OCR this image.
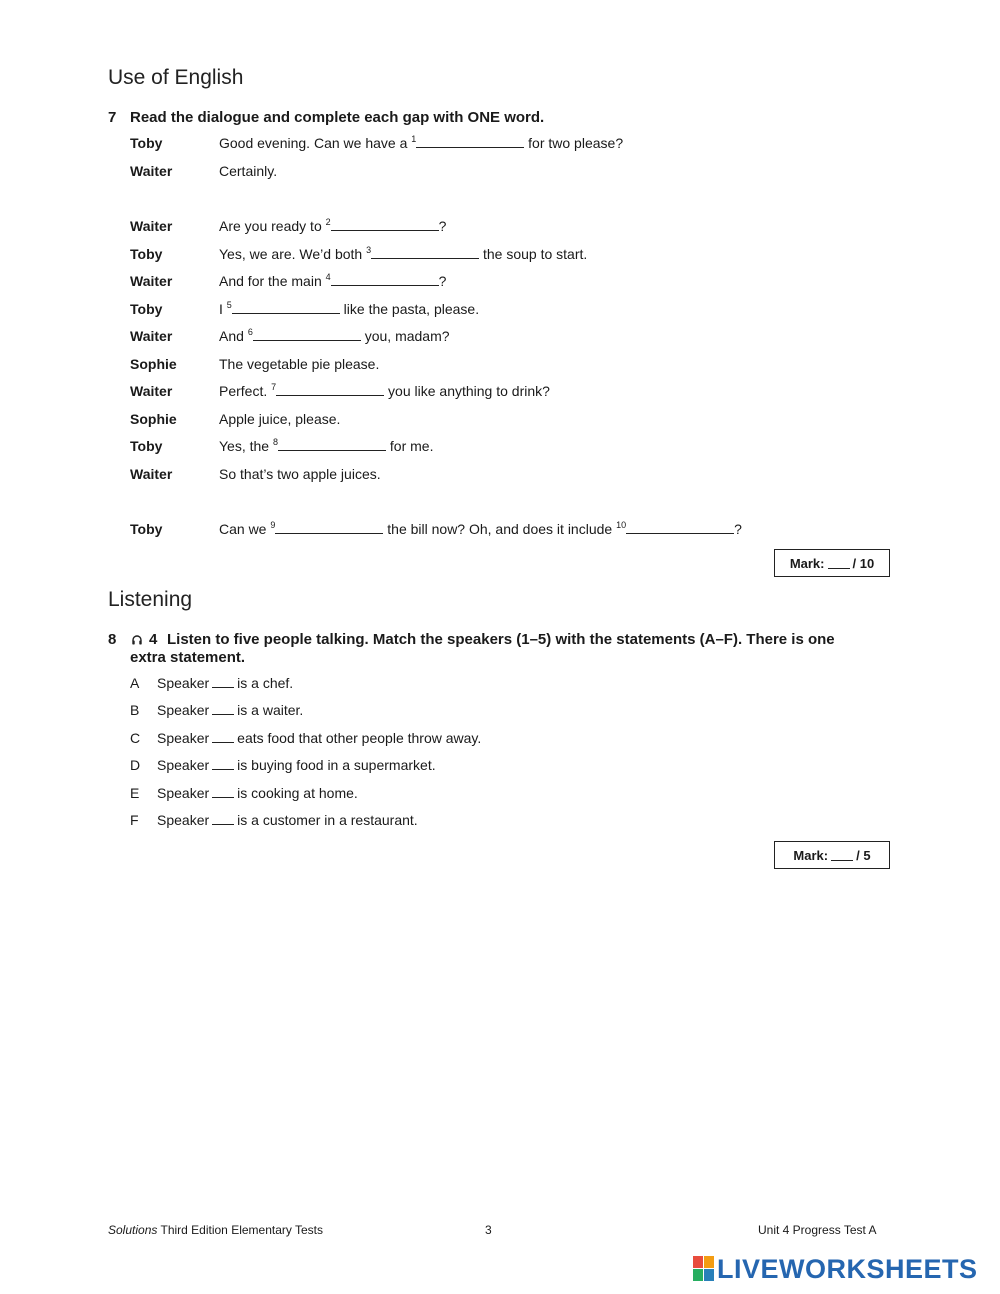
Use of English
7 Read the dialogue and complete each gap with ONE word.
Toby	Good evening. Can we have a $^1$	for two please?
Waiter	Certainly.
Waiter	Are you ready to $^2$	?
Toby	Yes, we are. We’d both $^3$	the soup to start.
Waiter	And for the main $^4$	?
Toby	I $^5$	like the pasta, please.
Waiter	And $^6$	you, madam?
Sophie	The vegetable pie please.
Waiter	Perfect. $^7$	you like anything to drink?
Sophie	Apple juice, please.
Toby	Yes, the $^8$	for me.
Waiter	So that’s two apple juices.
Toby	Can we $^9$	the bill now? Oh, and does it include $^{10}$	?
Mark: / 10
Listening
8 4 Listen to five people talking. Match the speakers (1–5) with the statements (A–F). There is one extra statement.
A Speaker is a chef.
B Speaker is a waiter.
C Speaker eats food that other people throw away.
D Speaker is buying food in a supermarket.
E Speaker is cooking at home.
F Speaker is a customer in a restaurant.
Mark: / 5
Solutions Third Edition Elementary Tests	3	Unit 4 Progress Test A
LIVEWORKSHEETS
